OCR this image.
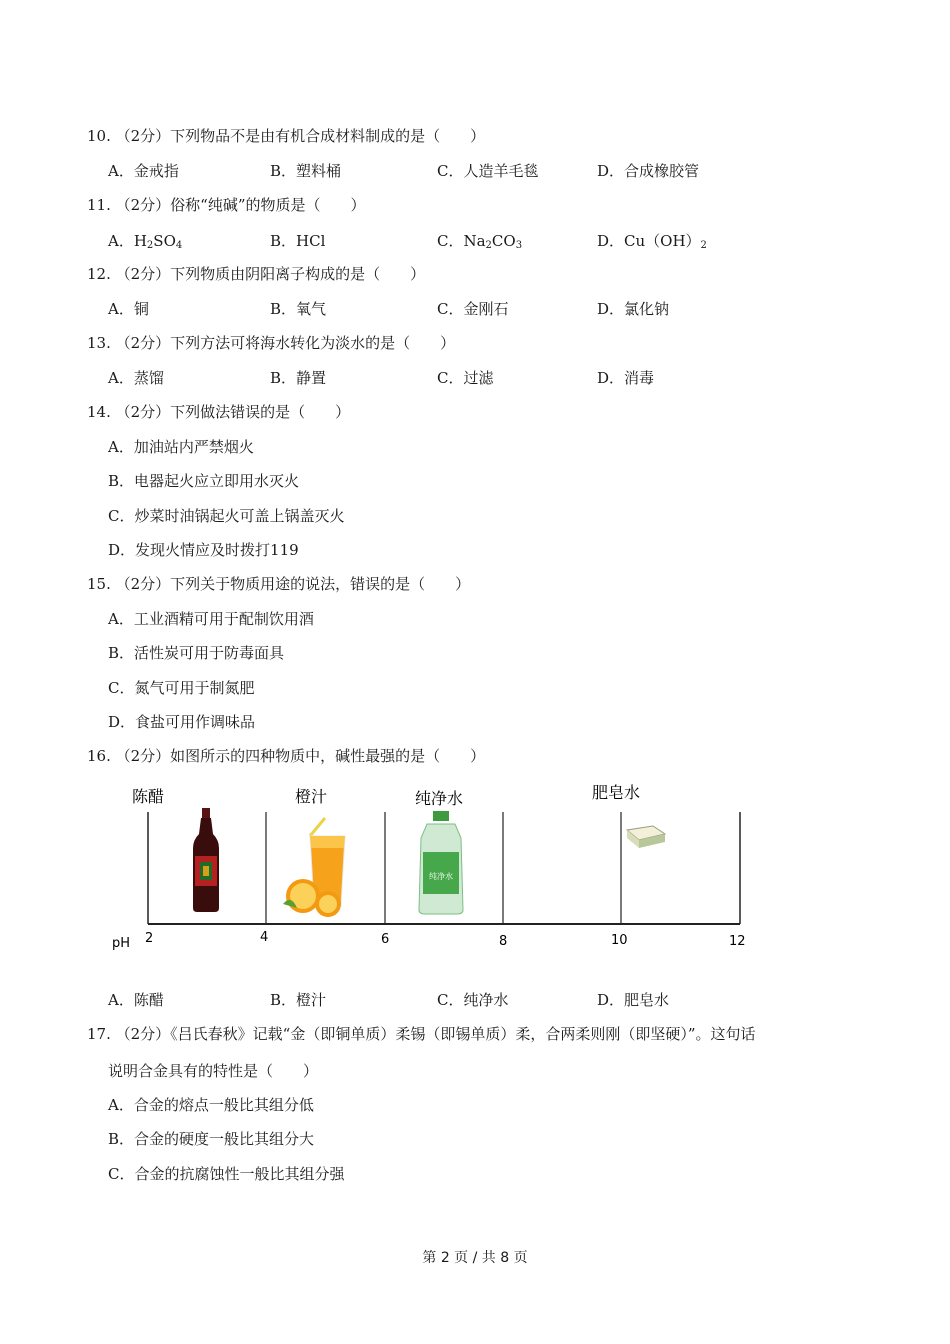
10. （2分）下列物品不是由有机合成材料制成的是（　　）
A．金戒指	B．塑料桶	C．人造羊毛毯	D．合成橡胶管
11. （2分）俗称“纯碱”的物质是（　　）
A．$H_2SO_4$	B．HCl	C．$Na_2CO_3$	D．$Cu(OH)_2$
12. （2分）下列物质由阴阳离子构成的是（　　）
A．铜	B．氧气	C．金刚石	D．氯化钠
13. （2分）下列方法可将海水转化为淡水的是（　　）
A．蒸馏	B．静置	C．过滤	D．消毒
14. （2分）下列做法错误的是（　　）
A．加油站内严禁烟火
B．电器起火应立即用水灭火
C．炒菜时油锅起火可盖上锅盖灭火
D．发现火情应及时拨打119
15. （2分）下列关于物质用途的说法，错误的是（　　）
A．工业酒精可用于配制饮用酒
B．活性炭可用于防毒面具
C．氮气可用于制氮肥
D．食盐可用作调味品
16. （2分）如图所示的四种物质中，碱性最强的是（　　）
陈醋	橙汁	纯净水	肥皂水
pH 2	4	6	8	10	12
纯净水
A．陈醋	B．橙汁	C．纯净水	D．肥皂水
17. （2分）《吕氏春秋》记载“金（即铜单质）柔锡（即锡单质）柔，合两柔则刚（即坚硬）”。这句话
说明合金具有的特性是（　　）
A．合金的熔点一般比其组分低
B．合金的硬度一般比其组分大
C．合金的抗腐蚀性一般比其组分强
第 2 页 / 共 8 页
